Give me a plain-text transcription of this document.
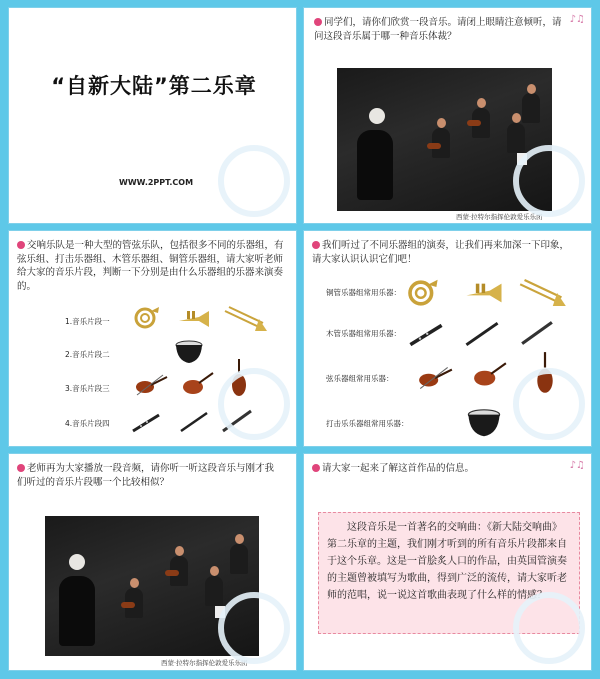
“自新大陆”第二乐章
WWW.2PPT.COM
♪♫
同学们，请你们欣赏一段音乐。请闭上眼睛注意倾听，请问这段音乐属于哪一种音乐体裁？
西蒙·拉特尔指挥伦敦爱乐乐团
交响乐队是一种大型的管弦乐队，包括很多不同的乐器组，有弦乐组、打击乐器组、木管乐器组、铜管乐器组，请大家听老师给大家的音乐片段，判断一下分别是由什么乐器组的乐器来演奏的。
1.音乐片段一
2.音乐片段二
3.音乐片段三
4.音乐片段四
我们听过了不同乐器组的演奏，让我们再来加深一下印象，请大家认识认识它们吧！
铜管乐器组常用乐器：
木管乐器组常用乐器：
弦乐器组常用乐器：
打击乐乐器组常用乐器：
老师再为大家播放一段音频，请你听一听这段音乐与刚才我们听过的音乐片段哪一个比较相似？
西蒙·拉特尔指挥伦敦爱乐乐团
♪♫
请大家一起来了解这首作品的信息。
这段音乐是一首著名的交响曲：《新大陆交响曲》第二乐章的主题，我们刚才听到的所有音乐片段都来自于这个乐章。这是一首脍炙人口的作品，由英国管演奏的主题曾被填写为歌曲，得到广泛的流传，请大家听老师的范唱，说一说这首歌曲表现了什么样的情感？
